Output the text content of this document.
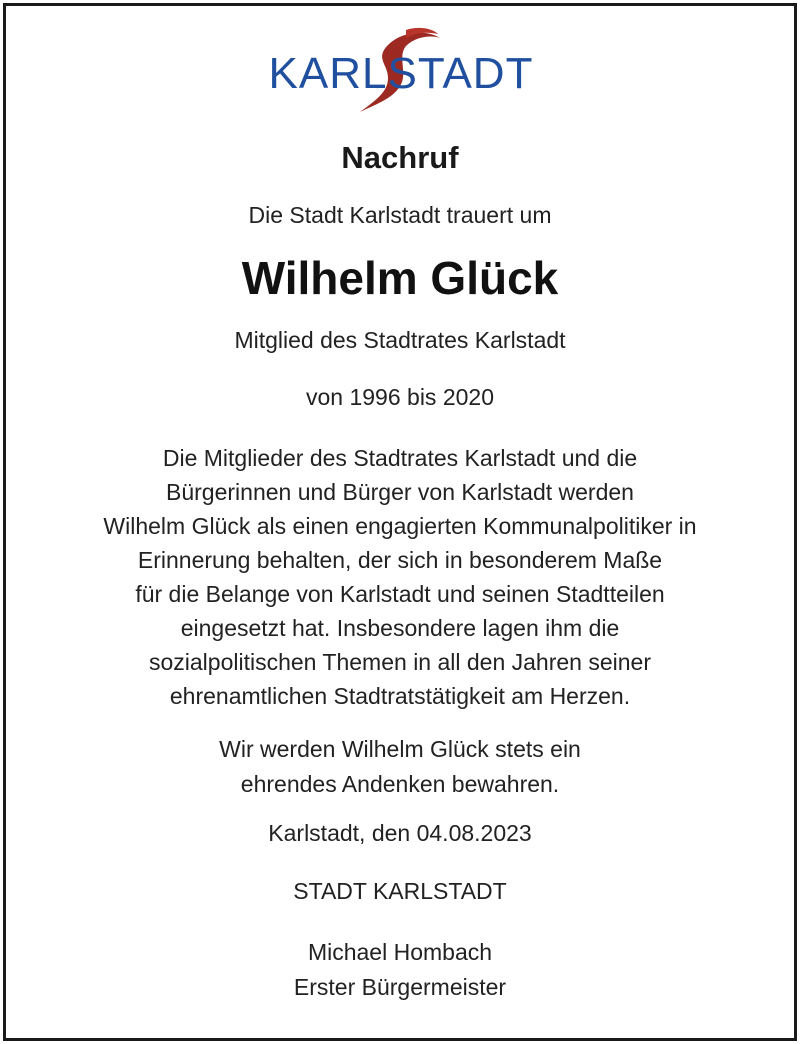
KARLSTADT
Nachruf
Die Stadt Karlstadt trauert um
Wilhelm Glück
Mitglied des Stadtrates Karlstadt
von 1996 bis 2020
Die Mitglieder des Stadtrates Karlstadt und die
Bürgerinnen und Bürger von Karlstadt werden
Wilhelm Glück als einen engagierten Kommunalpolitiker in
Erinnerung behalten, der sich in besonderem Maße
für die Belange von Karlstadt und seinen Stadtteilen
eingesetzt hat. Insbesondere lagen ihm die
sozialpolitischen Themen in all den Jahren seiner
ehrenamtlichen Stadtratstätigkeit am Herzen.
Wir werden Wilhelm Glück stets ein
ehrendes Andenken bewahren.
Karlstadt, den 04.08.2023
STADT KARLSTADT
Michael Hombach
Erster Bürgermeister
